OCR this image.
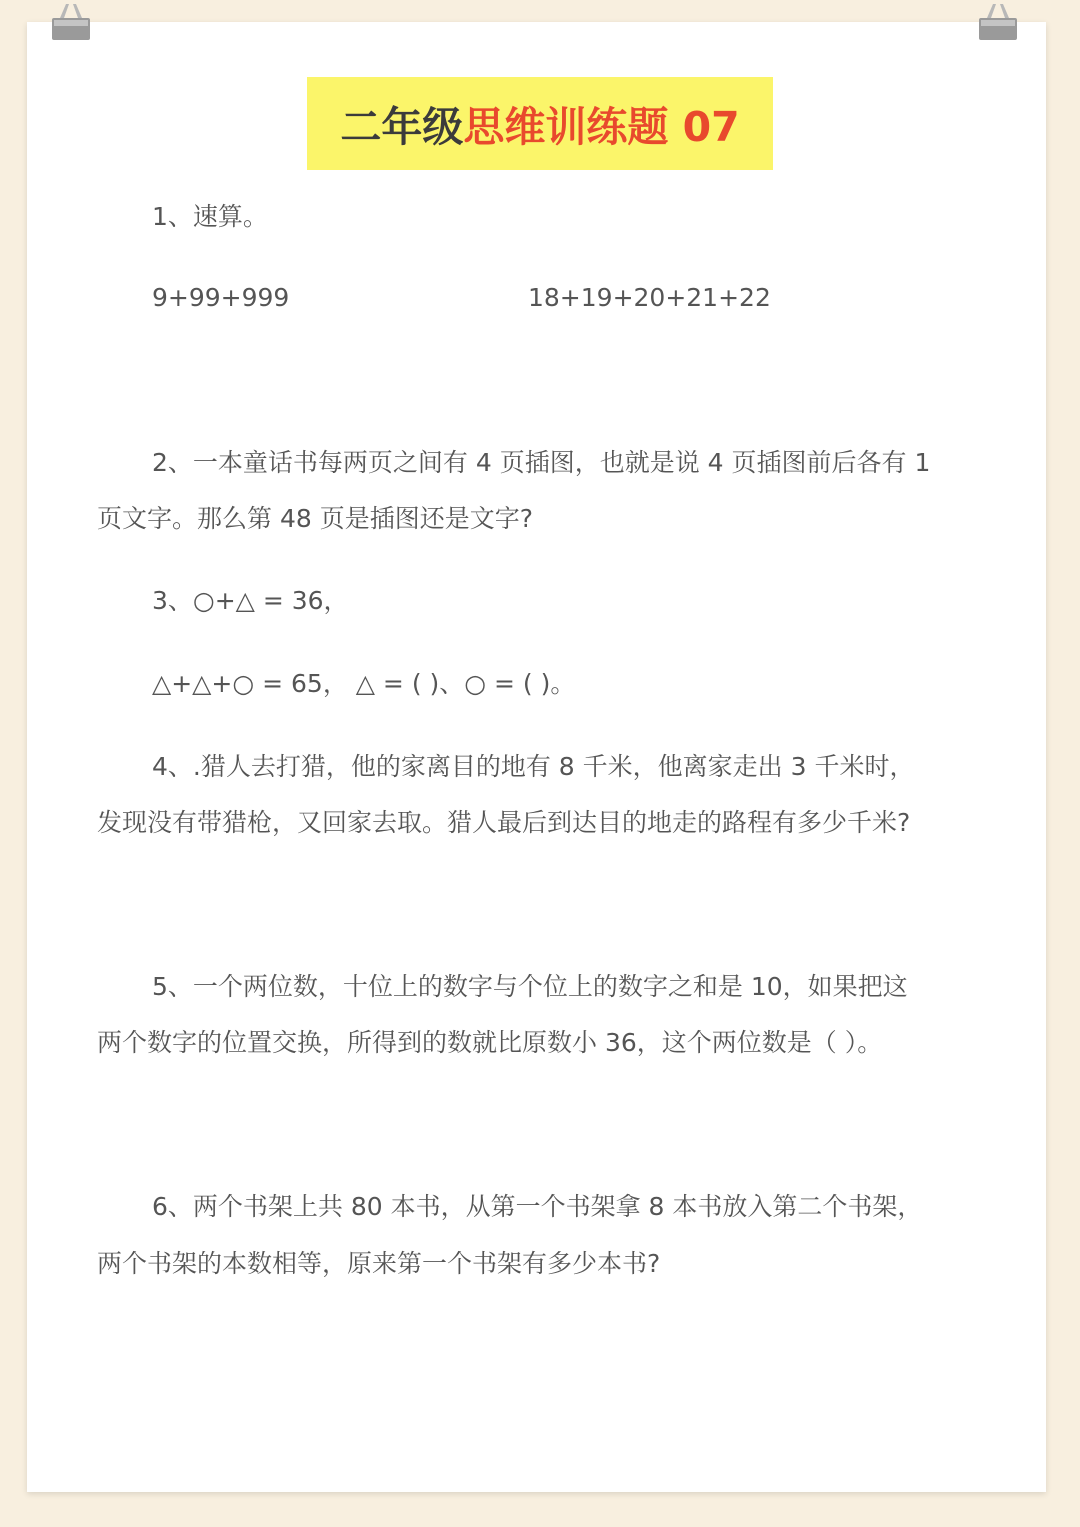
二年级 思维训练题 07
1、速算。
9+99+999	18+19+20+21+22
2、一本童话书每两页之间有 4 页插图，也就是说 4 页插图前后各有 1
页文字。那么第 48 页是插图还是文字?
3、○+△ = 36，
△+△+○ = 65， △ = ( )、○ = ( )。
4、.猎人去打猎，他的家离目的地有 8 千米，他离家走出 3 千米时，
发现没有带猎枪，又回家去取。猎人最后到达目的地走的路程有多少千米?
5、一个两位数，十位上的数字与个位上的数字之和是 10，如果把这
两个数字的位置交换，所得到的数就比原数小 36，这个两位数是（ ）。
6、两个书架上共 80 本书，从第一个书架拿 8 本书放入第二个书架，
两个书架的本数相等，原来第一个书架有多少本书?
